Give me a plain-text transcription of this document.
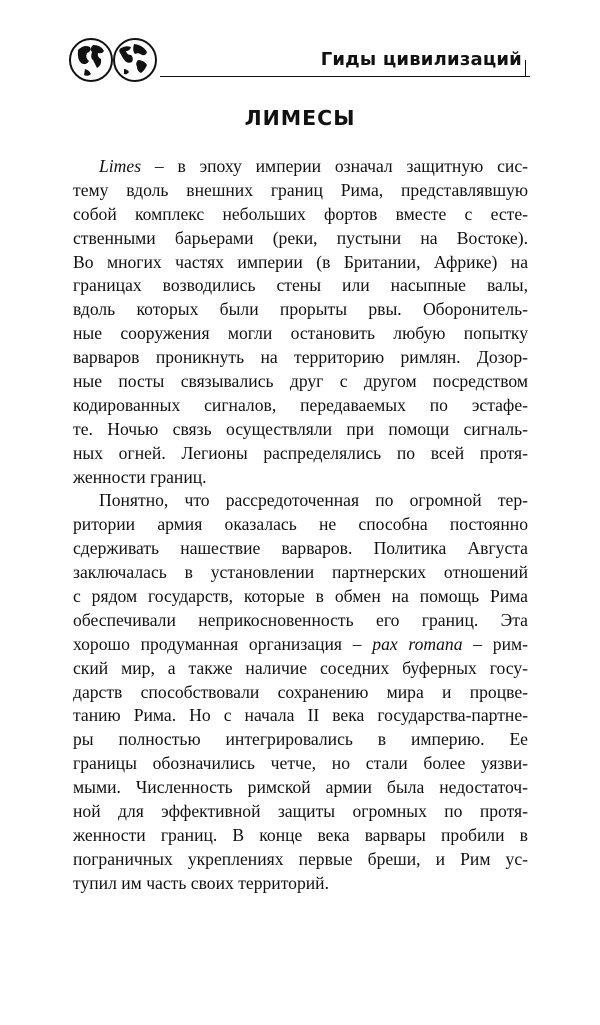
Гиды цивилизаций
ЛИМЕСЫ
Limes – в эпоху империи означал защитную сис-
тему вдоль внешних границ Рима, представлявшую
собой комплекс небольших фортов вместе с есте-
ственными барьерами (реки, пустыни на Востоке).
Во многих частях империи (в Британии, Африке) на
границах возводились стены или насыпные валы,
вдоль которых были прорыты рвы. Оборонитель-
ные сооружения могли остановить любую попытку
варваров проникнуть на территорию римлян. Дозор-
ные посты связывались друг с другом посредством
кодированных сигналов, передаваемых по эстафе-
те. Ночью связь осуществляли при помощи сигналь-
ных огней. Легионы распределялись по всей протя-
женности границ.
Понятно, что рассредоточенная по огромной тер-
ритории армия оказалась не способна постоянно
сдерживать нашествие варваров. Политика Августа
заключалась в установлении партнерских отношений
с рядом государств, которые в обмен на помощь Рима
обеспечивали неприкосновенность его границ. Эта
хорошо продуманная организация – pax romana – рим-
ский мир, а также наличие соседних буферных госу-
дарств способствовали сохранению мира и процве-
танию Рима. Но с начала II века государства-партне-
ры полностью интегрировались в империю. Ее
границы обозначились четче, но стали более уязви-
мыми. Численность римской армии была недостаточ-
ной для эффективной защиты огромных по протя-
женности границ. В конце века варвары пробили в
пограничных укреплениях первые бреши, и Рим ус-
тупил им часть своих территорий.
